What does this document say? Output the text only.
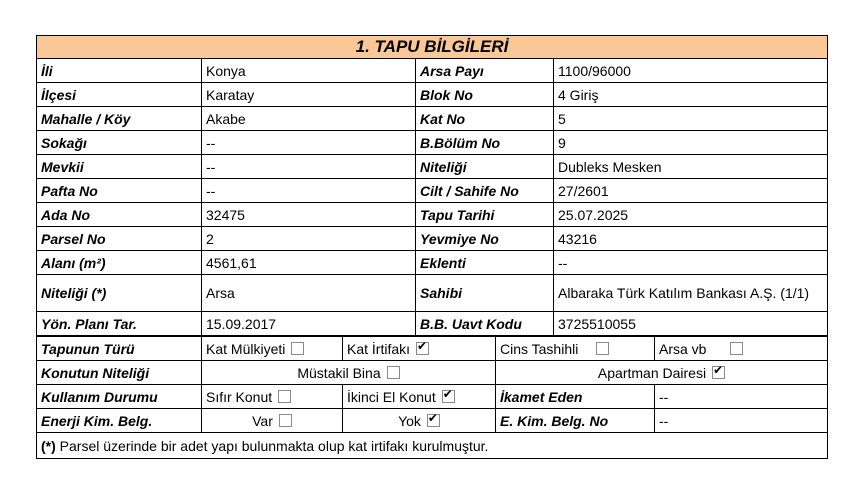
1. TAPU BİLGİLERİ			
İli	Konya	Arsa Payı	1100/96000
İlçesi	Karatay	Blok No	4 Giriş
Mahalle / Köy	Akabe	Kat No	5
Sokağı	--	B.Bölüm No	9
Mevkii	--	Niteliği	Dubleks Mesken
Pafta No	--	Cilt / Sahife No	27/2601
Ada No	32475	Tapu Tarihi	25.07.2025
Parsel No	2	Yevmiye No	43216
Alanı (m²)	4561,61	Eklenti	--
Niteliği (*)	Arsa	Sahibi	Albaraka Türk Katılım Bankası A.Ş. (1/1)
Yön. Planı Tar.	15.09.2017	B.B. Uavt Kodu	3725510055
Tapunun Türü	Kat Mülkiyeti	Kat İrtifakı✔	Cins Tashihli	Arsa vb
Konutun Niteliği	Müstakil Bina		Apartman Dairesi✔
Kullanım Durumu	Sıfır Konut	İkinci El Konut✔	İkamet Eden	--
Enerji Kim. Belg.	Var	Yok✔	E. Kim. Belg. No	--
(*) Parsel üzerinde bir adet yapı bulunmakta olup kat irtifakı kurulmuştur.				
